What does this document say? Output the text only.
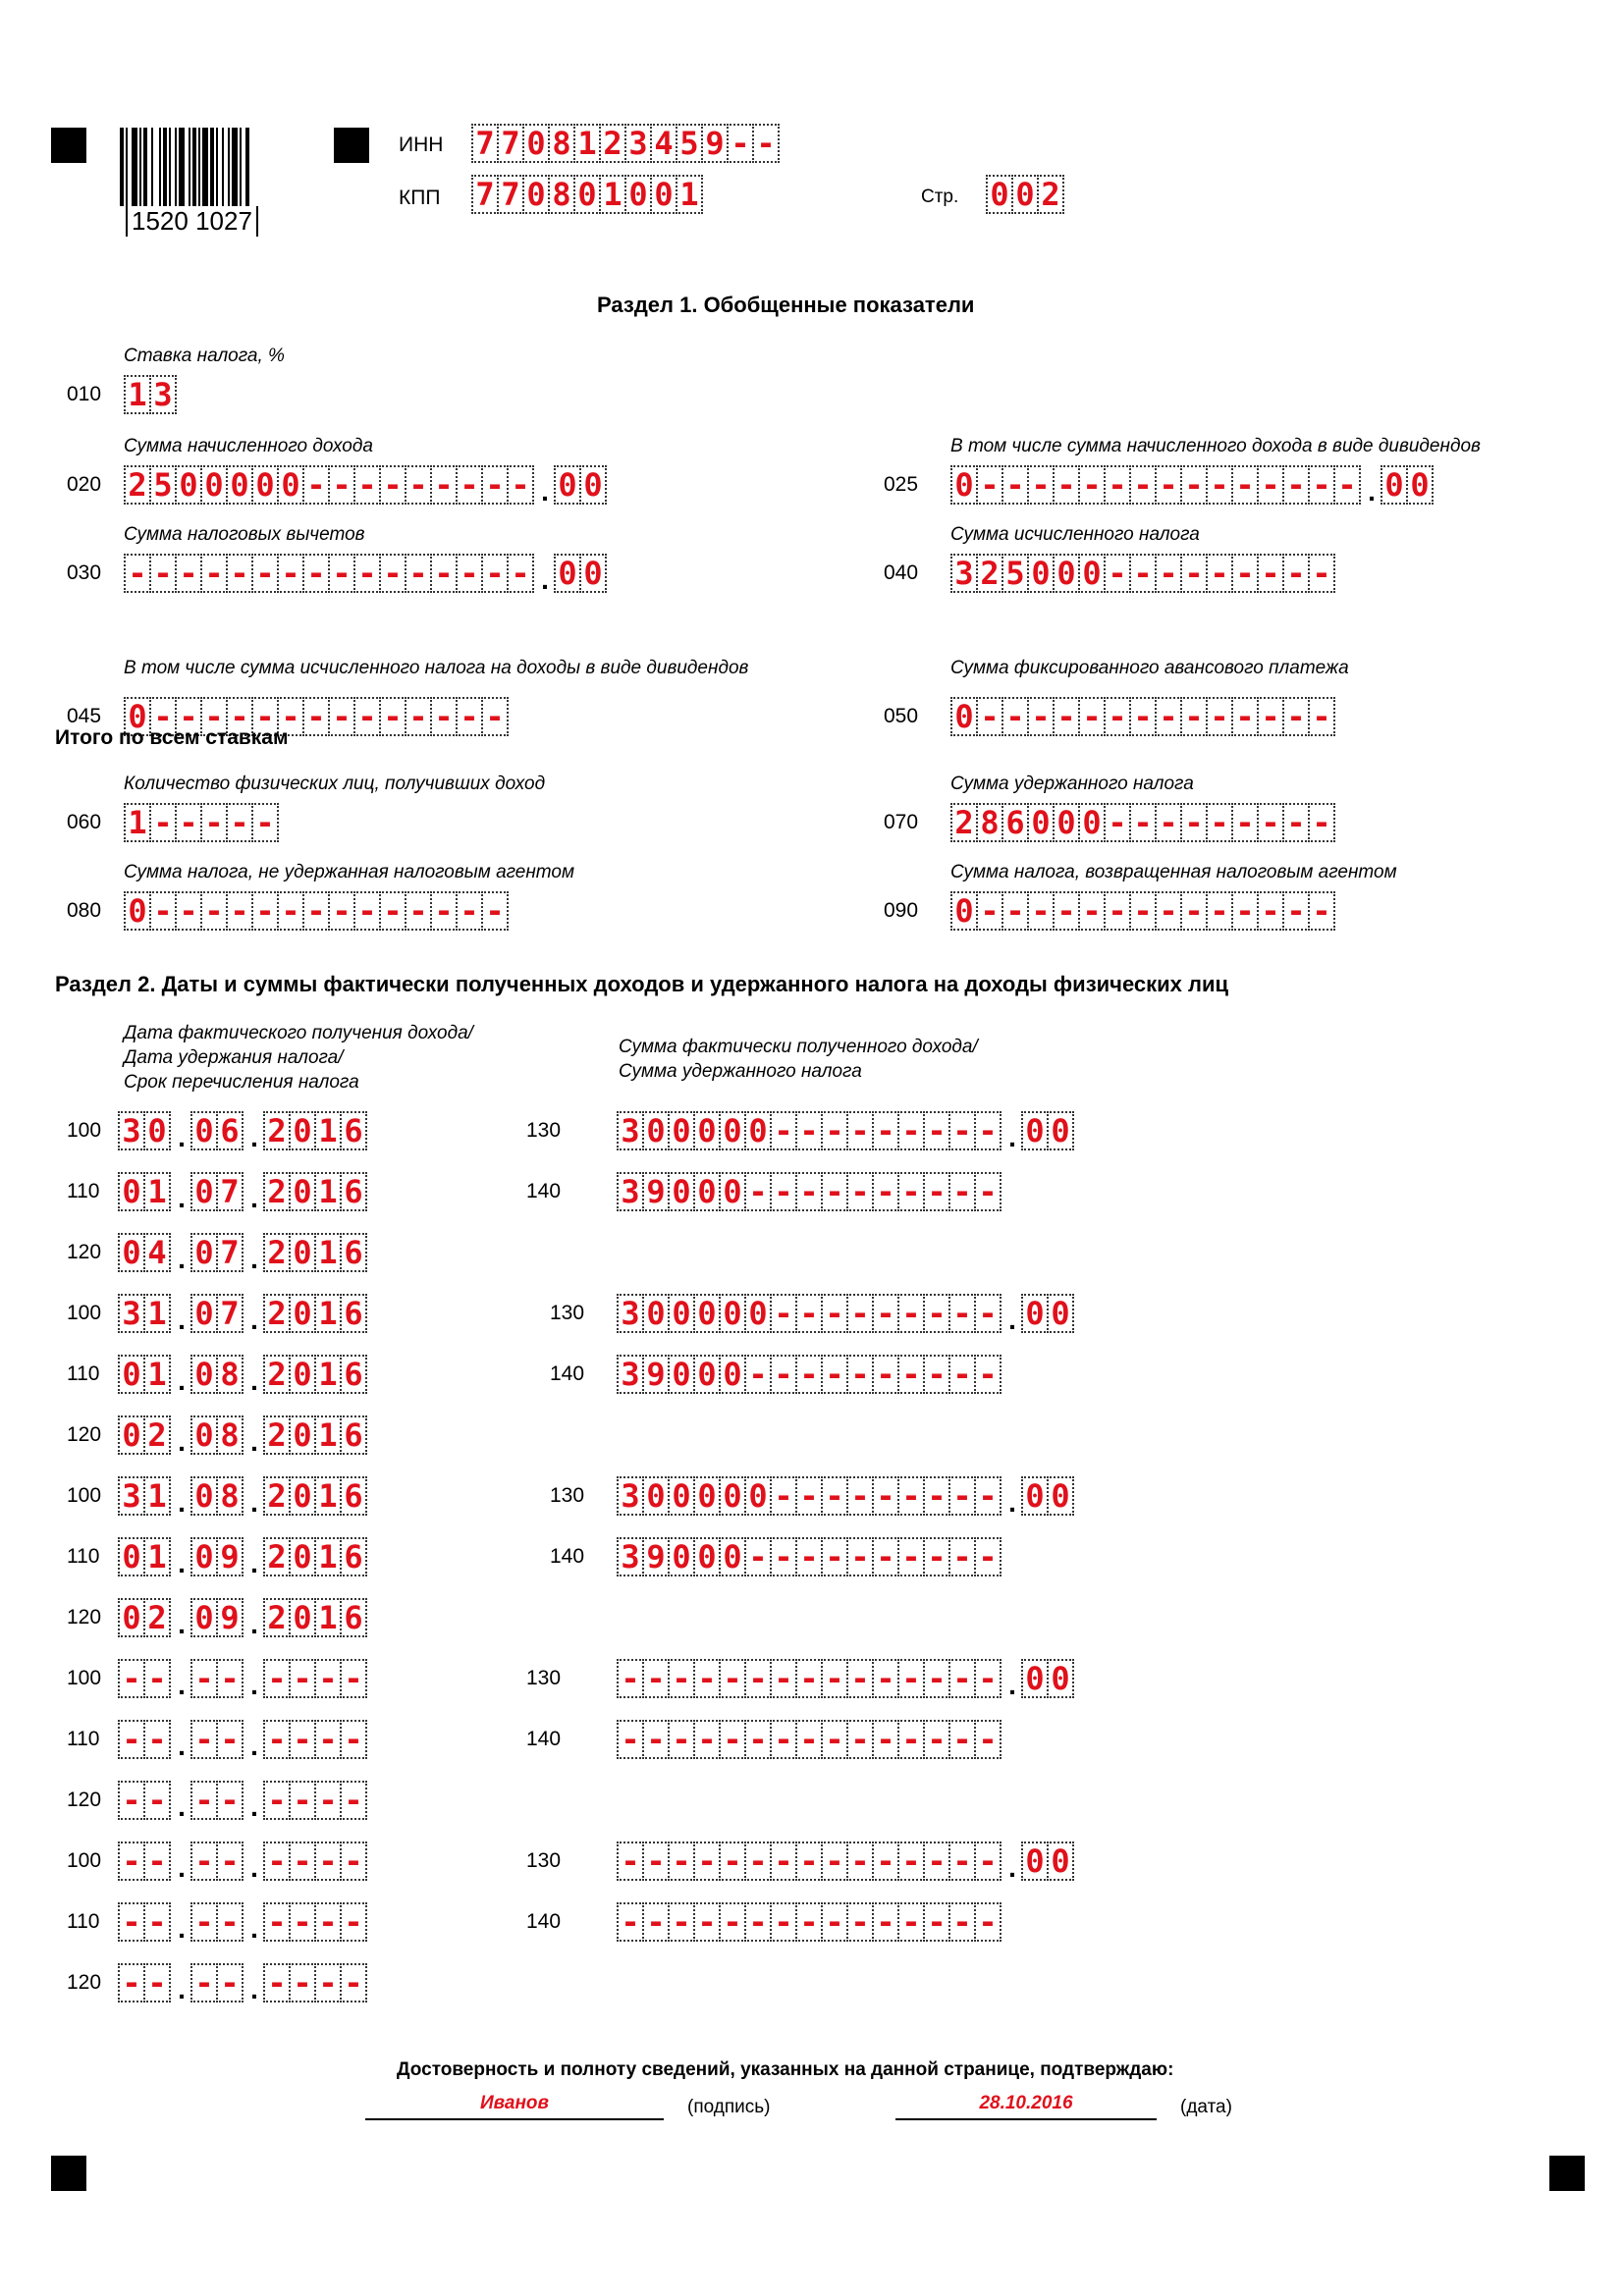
1520 1027
ИНН 7 7 0 8 1 2 3 4 5 9 - -
КПП 7 7 0 8 0 1 0 0 1	Стр. 0 0 2
Раздел 1. Обобщенные показатели
Ставка налога, %
010 1 3
Сумма начисленного дохода
020 2 5 0 0 0 0 0 - - - - - - - - - . 0 0
В том числе сумма начисленного дохода в виде дивидендов
025 0 - - - - - - - - - - - - - - - . 0 0
Сумма налоговых вычетов
030 - - - - - - - - - - - - - - - - . 0 0
Сумма исчисленного налога
040 3 2 5 0 0 0 - - - - - - - - -
В том числе сумма исчисленного налога на доходы в виде дивидендов
045 0 - - - - - - - - - - - - - -
Сумма фиксированного авансового платежа
050 0 - - - - - - - - - - - - - -
Количество физических лиц, получивших доход
060 1 - - - - -
Сумма удержанного налога
070 2 8 6 0 0 0 - - - - - - - - -
Сумма налога, не удержанная налоговым агентом
080 0 - - - - - - - - - - - - - -
Сумма налога, возвращенная налоговым агентом
090 0 - - - - - - - - - - - - - -
Итого по всем ставкам
Раздел 2. Даты и суммы фактически полученных доходов и удержанного налога на доходы физических лиц
Дата фактического получения дохода/
Дата удержания налога/
Срок перечисления налога
Сумма фактически полученного дохода/
Сумма удержанного налога
100 3 0 . 0 6 . 2 0 1 6
110 0 1 . 0 7 . 2 0 1 6
120 0 4 . 0 7 . 2 0 1 6
130 3 0 0 0 0 0 - - - - - - - - - . 0 0
140 3 9 0 0 0 - - - - - - - - - -
100 3 1 . 0 7 . 2 0 1 6
110 0 1 . 0 8 . 2 0 1 6
120 0 2 . 0 8 . 2 0 1 6
130 3 0 0 0 0 0 - - - - - - - - - . 0 0
140 3 9 0 0 0 - - - - - - - - - -
100 3 1 . 0 8 . 2 0 1 6
110 0 1 . 0 9 . 2 0 1 6
120 0 2 . 0 9 . 2 0 1 6
130 3 0 0 0 0 0 - - - - - - - - - . 0 0
140 3 9 0 0 0 - - - - - - - - - -
100 - - . - - . - - - -
110 - - . - - . - - - -
120 - - . - - . - - - -
130 - - - - - - - - - - - - - - - . 0 0
140 - - - - - - - - - - - - - - -
100 - - . - - . - - - -
110 - - . - - . - - - -
120 - - . - - . - - - -
130 - - - - - - - - - - - - - - - . 0 0
140 - - - - - - - - - - - - - - -
Достоверность и полноту сведений, указанных на данной странице, подтверждаю:
Иванов	(подпись)	28.10.2016	(дата)
